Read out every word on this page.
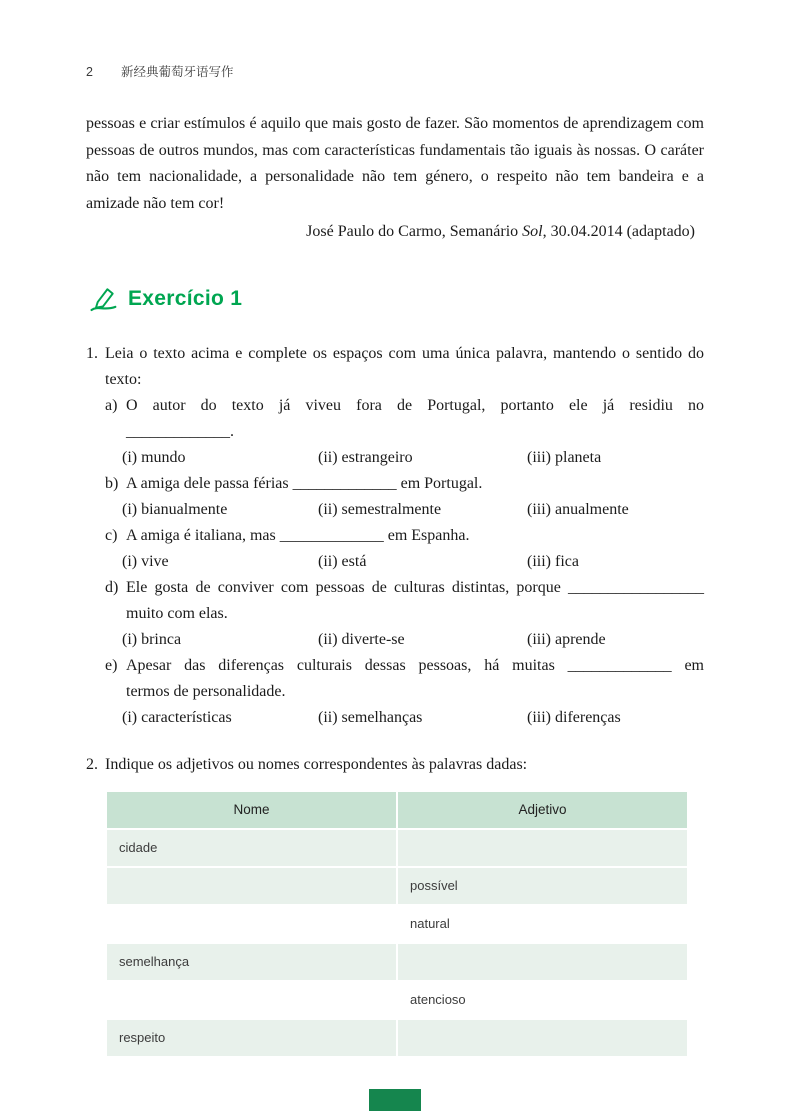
2 新经典葡萄牙语写作

pessoas e criar estímulos é aquilo que mais gosto de fazer. São momentos de aprendizagem com pessoas de outros mundos, mas com características fundamentais tão iguais às nossas. O caráter não tem nacionalidade, a personalidade não tem género, o respeito não tem bandeira e a amizade não tem cor!

José Paulo do Carmo, Semanário Sol, 30.04.2014 (adaptado)

Exercício 1
1. Leia o texto acima e complete os espaços com uma única palavra, mantendo o sentido do texto:
a) O autor do texto já viveu fora de Portugal, portanto ele já residiu no
_____________.
(i) mundo	(ii) estrangeiro	(iii) planeta
b) A amiga dele passa férias _____________ em Portugal.
(i) bianualmente	(ii) semestralmente	(iii) anualmente
c) A amiga é italiana, mas _____________ em Espanha.
(i) vive	(ii) está	(iii) fica
d) Ele gosta de conviver com pessoas de culturas distintas, porque _________________
muito com elas.
(i) brinca	(ii) diverte-se	(iii) aprende
e) Apesar das diferenças culturais dessas pessoas, há muitas _____________ em
termos de personalidade.
(i) características	(ii) semelhanças	(iii) diferenças
2. Indique os adjetivos ou nomes correspondentes às palavras dadas:
Nome	Adjetivo
cidade	
	possível
	natural
semelhança	
	atencioso
respeito	
